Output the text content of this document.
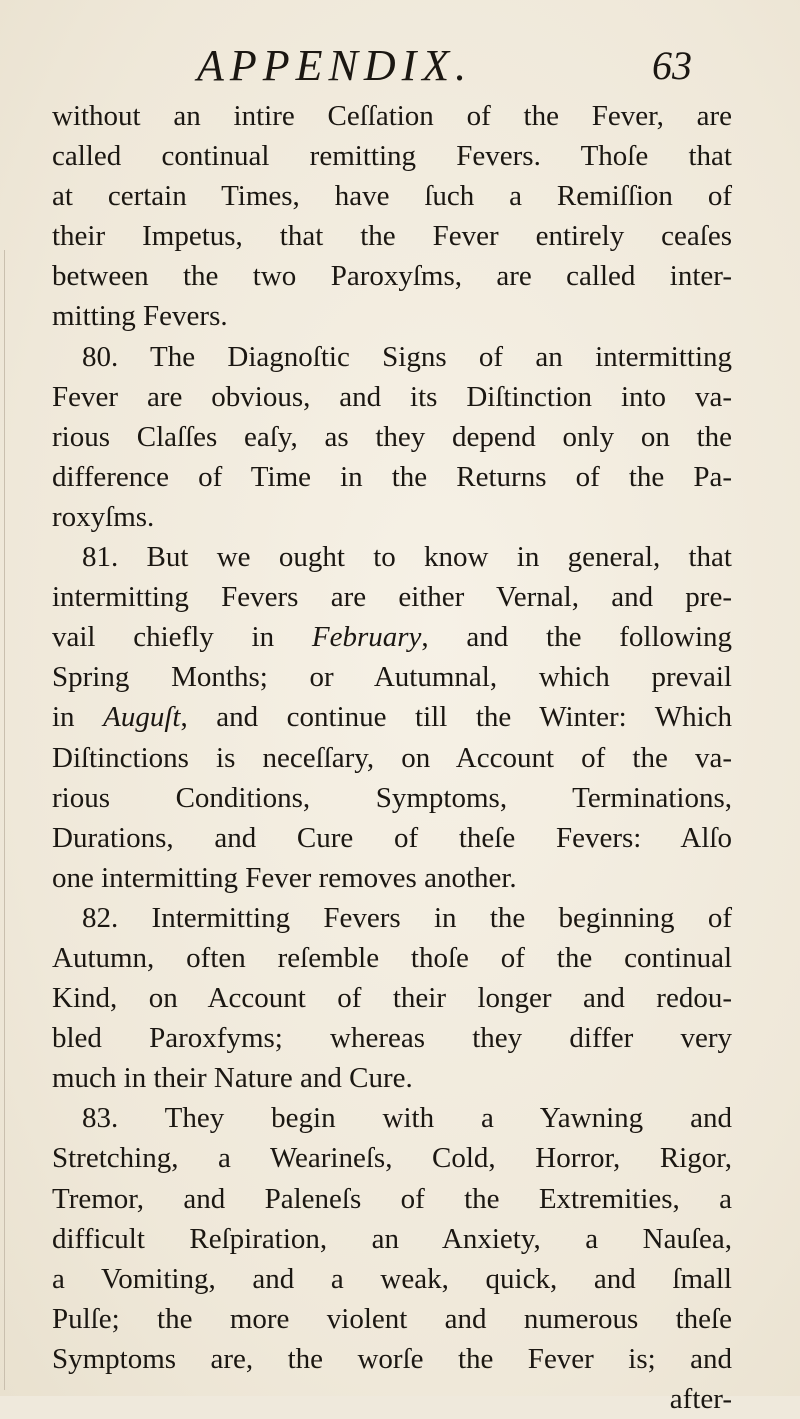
APPENDIX.	63
without an intire Ceſſation of the Fever, are
called continual remitting Fevers. Thoſe that
at certain Times, have ſuch a Remiſſion of
their Impetus, that the Fever entirely ceaſes
between the two Paroxyſms, are called inter-
mitting Fevers.
80. The Diagnoſtic Signs of an intermitting
Fever are obvious, and its Diſtinction into va-
rious Claſſes eaſy, as they depend only on the
difference of Time in the Returns of the Pa-
roxyſms.
81. But we ought to know in general, that
intermitting Fevers are either Vernal, and pre-
vail chiefly in February, and the following
Spring Months; or Autumnal, which prevail
in Auguſt, and continue till the Winter: Which
Diſtinctions is neceſſary, on Account of the va-
rious Conditions, Symptoms, Terminations,
Durations, and Cure of theſe Fevers: Alſo
one intermitting Fever removes another.
82. Intermitting Fevers in the beginning of
Autumn, often reſemble thoſe of the continual
Kind, on Account of their longer and redou-
bled Paroxfyms; whereas they differ very
much in their Nature and Cure.
83. They begin with a Yawning and
Stretching, a Wearineſs, Cold, Horror, Rigor,
Tremor, and Paleneſs of the Extremities, a
difficult Reſpiration, an Anxiety, a Nauſea,
a Vomiting, and a weak, quick, and ſmall
Pulſe; the more violent and numerous theſe
Symptoms are, the worſe the Fever is; and
after-
